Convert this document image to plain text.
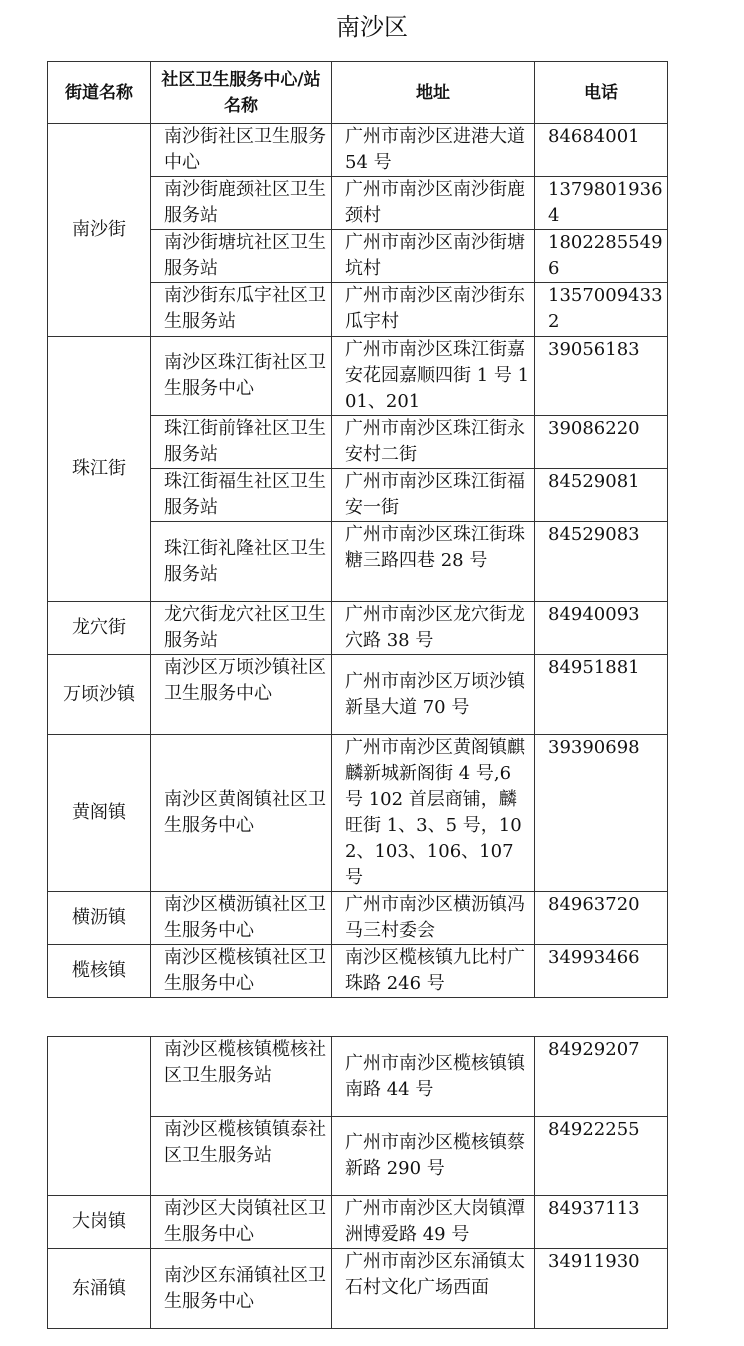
南沙区
街道名称	社区卫生服务中心/站名称	地址	电话
南沙街	南沙街社区卫生服务中心	广州市南沙区进港大道 54 号	84684001
	南沙街鹿颈社区卫生服务站	广州市南沙区南沙街鹿颈村	13798019364
	南沙街塘坑社区卫生服务站	广州市南沙区南沙街塘坑村	18022855496
	南沙街东瓜宇社区卫生服务站	广州市南沙区南沙街东瓜宇村	13570094332
珠江街	南沙区珠江街社区卫生服务中心	广州市南沙区珠江街嘉安花园嘉顺四街 1 号 101、201	39056183
	珠江街前锋社区卫生服务站	广州市南沙区珠江街永安村二街	39086220
	珠江街福生社区卫生服务站	广州市南沙区珠江街福安一街	84529081
	珠江街礼隆社区卫生服务站	广州市南沙区珠江街珠糖三路四巷 28 号	84529083
龙穴街	龙穴街龙穴社区卫生服务站	广州市南沙区龙穴街龙穴路 38 号	84940093
万顷沙镇	南沙区万顷沙镇社区卫生服务中心	广州市南沙区万顷沙镇新垦大道 70 号	84951881
黄阁镇	南沙区黄阁镇社区卫生服务中心	广州市南沙区黄阁镇麒麟新城新阁街 4 号,6 号 102 首层商铺，麟旺街 1、3、5 号，102、103、106、107 号	39390698
横沥镇	南沙区横沥镇社区卫生服务中心	广州市南沙区横沥镇冯马三村委会	84963720
榄核镇	南沙区榄核镇社区卫生服务中心	南沙区榄核镇九比村广珠路 246 号	34993466
	南沙区榄核镇榄核社区卫生服务站	广州市南沙区榄核镇镇南路 44 号	84929207
	南沙区榄核镇镇泰社区卫生服务站	广州市南沙区榄核镇蔡新路 290 号	84922255
大岗镇	南沙区大岗镇社区卫生服务中心	广州市南沙区大岗镇潭洲博爱路 49 号	84937113
东涌镇	南沙区东涌镇社区卫生服务中心	广州市南沙区东涌镇太石村文化广场西面	34911930
